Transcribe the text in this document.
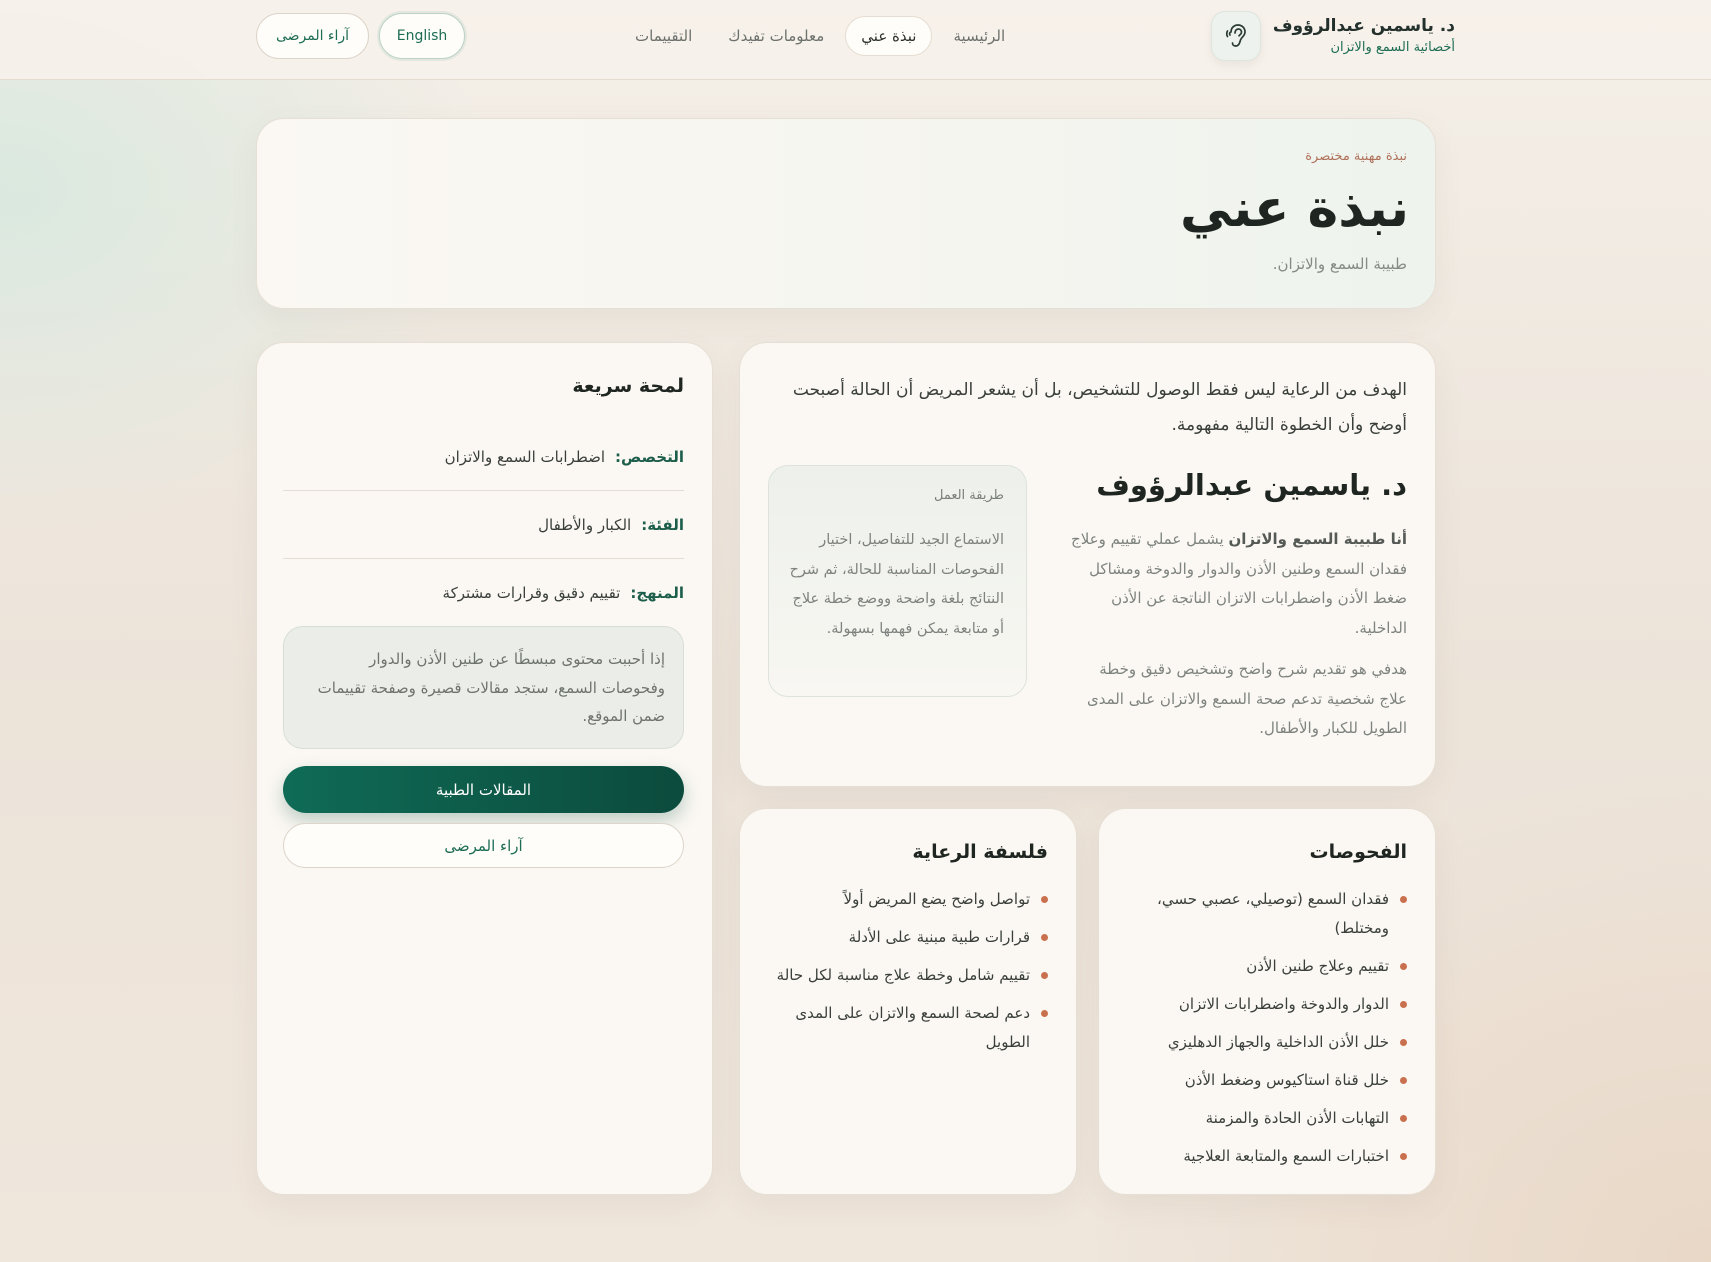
د. ياسمين عبدالرؤوف
أخصائية السمع والاتزان
الرئيسية
نبذة عني
معلومات تفيدك
التقييمات
English
آراء المرضى
نبذة مهنية مختصرة
نبذة عني
طبيبة السمع والاتزان.

الهدف من الرعاية ليس فقط الوصول للتشخيص، بل أن يشعر المريض أن الحالة أصبحت أوضح وأن الخطوة التالية مفهومة.

د. ياسمين عبدالرؤوف

أنا طبيبة السمع والاتزان يشمل عملي تقييم وعلاج فقدان السمع وطنين الأذن والدوار والدوخة ومشاكل ضغط الأذن واضطرابات الاتزان الناتجة عن الأذن الداخلية.

هدفي هو تقديم شرح واضح وتشخيص دقيق وخطة علاج شخصية تدعم صحة السمع والاتزان على المدى الطويل للكبار والأطفال.

طريقة العمل

الاستماع الجيد للتفاصيل، اختيار الفحوصات المناسبة للحالة، ثم شرح النتائج بلغة واضحة ووضع خطة علاج أو متابعة يمكن فهمها بسهولة.

لمحة سريعة
التخصص:
اضطرابات السمع والاتزان
الفئة:
الكبار والأطفال
المنهج:
تقييم دقيق وقرارات مشتركة
إذا أحببت محتوى مبسطًا عن طنين الأذن والدوار وفحوصات السمع، ستجد مقالات قصيرة وصفحة تقييمات ضمن الموقع.
المقالات الطبية
آراء المرضى	الفحوصات
فقدان السمع (توصيلي، عصبي حسي، ومختلط)
تقييم وعلاج طنين الأذن
الدوار والدوخة واضطرابات الاتزان
خلل الأذن الداخلية والجهاز الدهليزي
خلل قناة استاكيوس وضغط الأذن
التهابات الأذن الحادة والمزمنة
اختبارات السمع والمتابعة العلاجية
فلسفة الرعاية
تواصل واضح يضع المريض أولاً
قرارات طبية مبنية على الأدلة
تقييم شامل وخطة علاج مناسبة لكل حالة
دعم لصحة السمع والاتزان على المدى الطويل
